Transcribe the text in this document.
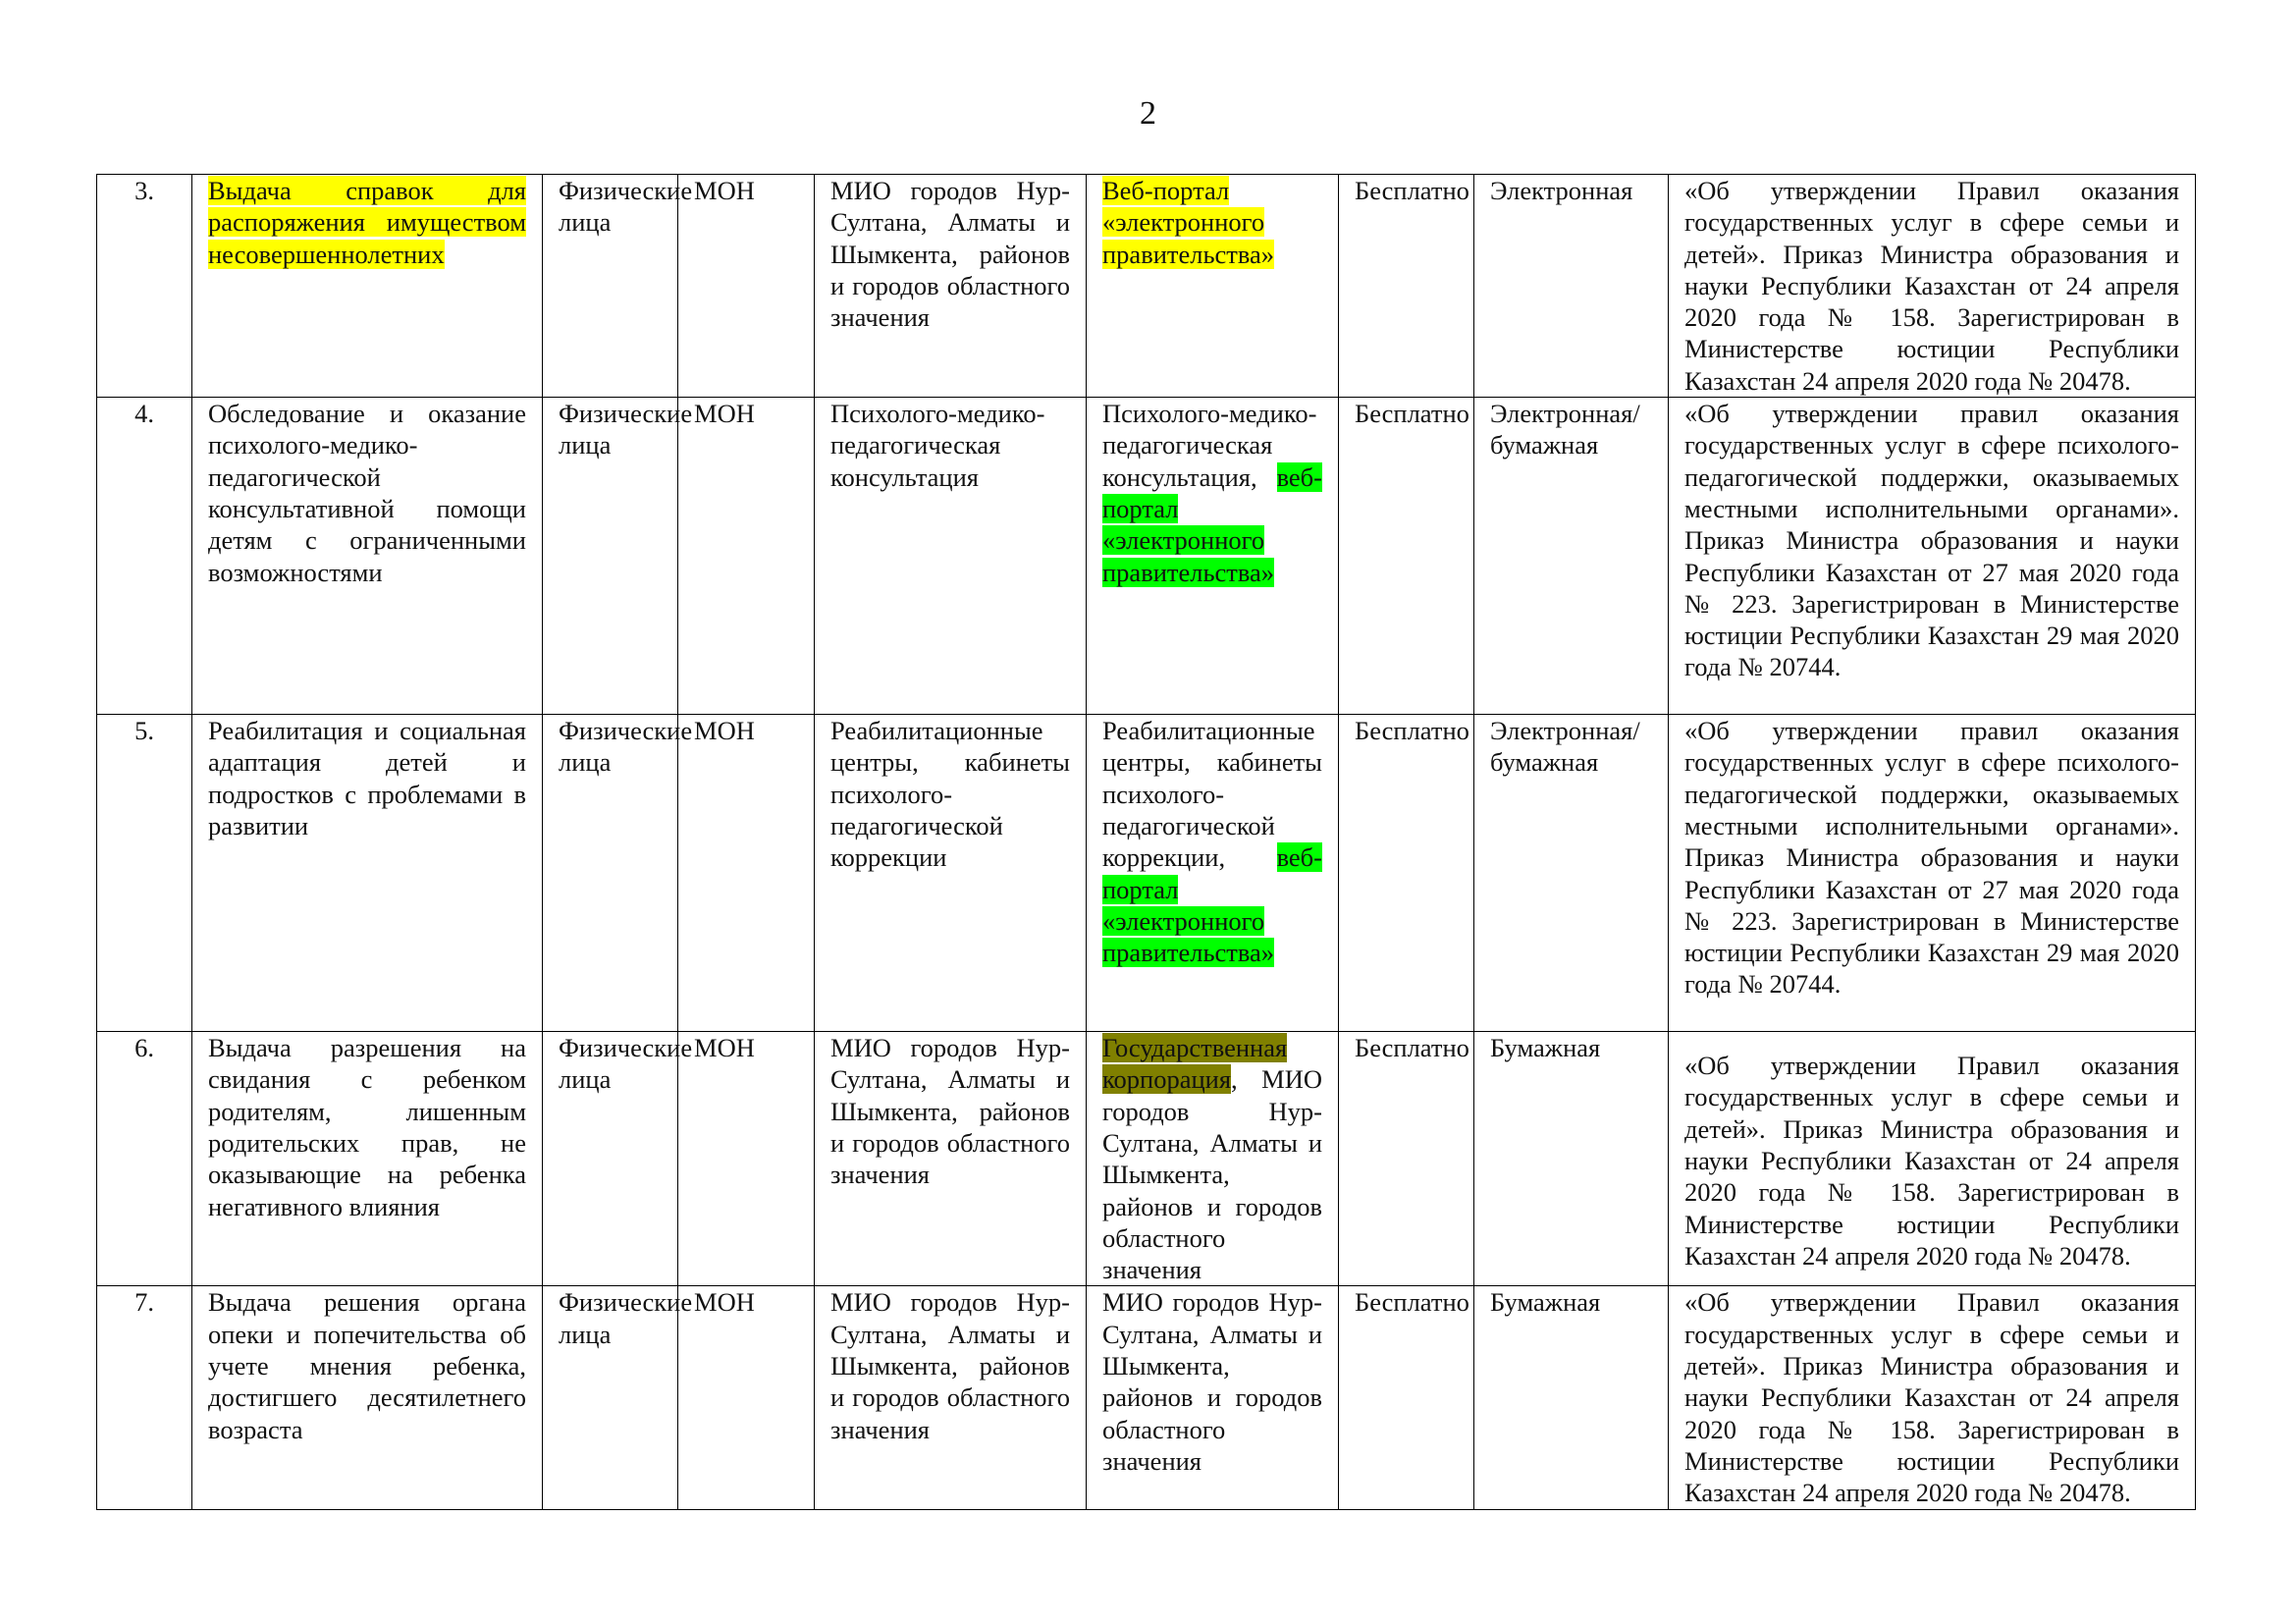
2
3.	Выдача справок для распоряжения имуществом несовершеннолетних	Физические лица	МОН	МИО городов Нур-Султана, Алматы и Шымкента, районов и городов областного значения	Веб-портал «электронного правительства»	Бесплатно	Электронная	«Об утверждении Правил оказания государственных услуг в сфере семьи и детей». Приказ Министра образования и науки Республики Казахстан от 24 апреля 2020 года № 158. Зарегистрирован в Министерстве юстиции Республики Казахстан 24 апреля 2020 года № 20478.
4.	Обследование и оказание психолого-медико-педагогической консультативной помощи детям с ограниченными возможностями	Физические лица	МОН	Психолого-медико-педагогическая консультация	Психолого-медико-педагогическая консультация, веб-портал «электронного правительства»	Бесплатно	Электронная/ бумажная	«Об утверждении правил оказания государственных услуг в сфере психолого-педагогической поддержки, оказываемых местными исполнительными органами». Приказ Министра образования и науки Республики Казахстан от 27 мая 2020 года № 223. Зарегистрирован в Министерстве юстиции Республики Казахстан 29 мая 2020 года № 20744.
5.	Реабилитация и социальная адаптация детей и подростков с проблемами в развитии	Физические лица	МОН	Реабилитационные центры, кабинеты психолого-педагогической коррекции	Реабилитационные центры, кабинеты психолого-педагогической коррекции, веб-портал «электронного правительства»	Бесплатно	Электронная/ бумажная	«Об утверждении правил оказания государственных услуг в сфере психолого-педагогической поддержки, оказываемых местными исполнительными органами». Приказ Министра образования и науки Республики Казахстан от 27 мая 2020 года № 223. Зарегистрирован в Министерстве юстиции Республики Казахстан 29 мая 2020 года № 20744.
6.	Выдача разрешения на свидания с ребенком родителям, лишенным родительских прав, не оказывающие на ребенка негативного влияния	Физические лица	МОН	МИО городов Нур-Султана, Алматы и Шымкента, районов и городов областного значения	Государственная корпорация, МИО городов Нур-Султана, Алматы и Шымкента, районов и городов областного значения	Бесплатно	Бумажная	«Об утверждении Правил оказания государственных услуг в сфере семьи и детей». Приказ Министра образования и науки Республики Казахстан от 24 апреля 2020 года № 158. Зарегистрирован в Министерстве юстиции Республики Казахстан 24 апреля 2020 года № 20478.
7.	Выдача решения органа опеки и попечительства об учете мнения ребенка, достигшего десятилетнего возраста	Физические лица	МОН	МИО городов Нур-Султана, Алматы и Шымкента, районов и городов областного значения	МИО городов Нур-Султана, Алматы и Шымкента, районов и городов областного значения	Бесплатно	Бумажная	«Об утверждении Правил оказания государственных услуг в сфере семьи и детей». Приказ Министра образования и науки Республики Казахстан от 24 апреля 2020 года № 158. Зарегистрирован в Министерстве юстиции Республики Казахстан 24 апреля 2020 года № 20478.
